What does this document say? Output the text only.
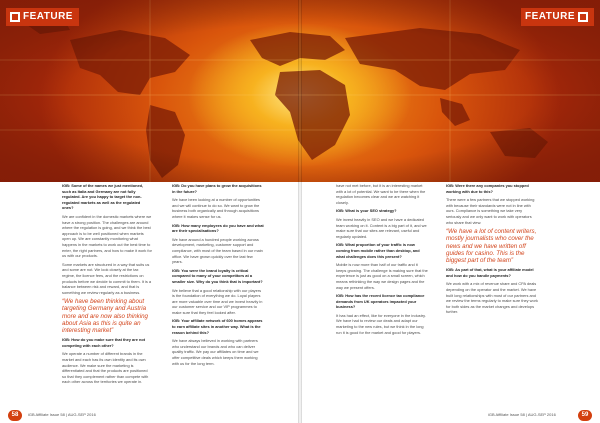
FEATURE	FEATURE

IGB: Some of the names we just mentioned, such as Italia and Germany are not fully regulated. Are you happy to target the non-regulated markets as well as the regulated ones?

We are confident in the domestic markets where we have a strong position. The challenges are around where the regulation is going, and we think the best approach is to be well positioned when markets open up. We are constantly monitoring what happens in the markets to work out the best time to enter, the right partners, and how to make it work for us with our products.

Some markets are structured in a way that suits us and some are not. We look closely at the tax regime, the licence fees, and the restrictions on products before we decide to commit to them. It is a balance between risk and reward, and that is something we review regularly as a business.

“We have been thinking about targeting Germany and Austria more and are now also thinking about Asia as this is quite an interesting market”

IGB: How do you make sure that they are not competing with each other?

We operate a number of different brands in the market and each has its own identity and its own audience. We make sure the marketing is differentiated and that the products are positioned so that they complement rather than compete with each other across the territories we operate in.

IGB: Do you have plans to grow the acquisitions in the future?

We have been looking at a number of opportunities and we will continue to do so. We want to grow the business both organically and through acquisitions where it makes sense for us.

IGB: How many employees do you have and what are their specialisations?

We have around a hundred people working across development, marketing, customer support and compliance, with most of the team based in our main office. We have grown quickly over the last few years.

IGB: You were the brand loyalty is critical compared to many of your competitors at a smaller size. Why do you think that is important?

We believe that a good relationship with our players is the foundation of everything we do. Loyal players are more valuable over time and we invest heavily in our customer service and our VIP programmes to make sure that they feel looked after.

IGB: Your affiliate network of 600 homes appears to earn affiliate sites in another way. What is the reason behind this?

We have always believed in working with partners who understand our brands and who can deliver quality traffic. We pay our affiliates on time and we offer competitive deals which keeps them working with us for the long term.

have not met before, but it is an interesting market with a lot of potential. We want to be there when the regulation becomes clear and we are watching it closely.

IGB: What is your SEO strategy?

We invest heavily in SEO and we have a dedicated team working on it. Content is a big part of it, and we make sure that our sites are relevant, useful and regularly updated.

IGB: What proportion of your traffic is now coming from mobile rather than desktop, and what challenges does this present?

Mobile is now more than half of our traffic and it keeps growing. The challenge is making sure that the experience is just as good on a small screen, which means rethinking the way we design pages and the way we present offers.

IGB: How has the recent licence tax compliance demands from UK operators impacted your business?

It has had an effect, like for everyone in the industry. We have had to review our deals and adapt our marketing to the new rules, but we think in the long run it is good for the market and good for players.

IGB: Were there any companies you stopped working with due to this?

There were a few partners that we stopped working with because their standards were not in line with ours. Compliance is something we take very seriously and we only want to work with operators who share that view.

“We have a lot of content writers, mostly journalists who cover the news and we have written off guides for casino. This is the biggest part of the team”

IGB: As part of that, what is your affiliate model and how do you handle payments?

We work with a mix of revenue share and CPA deals depending on the operator and the market. We have built long relationships with most of our partners and we review the terms regularly to make sure they work for both sides as the market changes and develops further.

58	iGB Affiliate Issue 58 | AUG-SEP 2016	iGB Affiliate Issue 58 | AUG-SEP 2016	59
